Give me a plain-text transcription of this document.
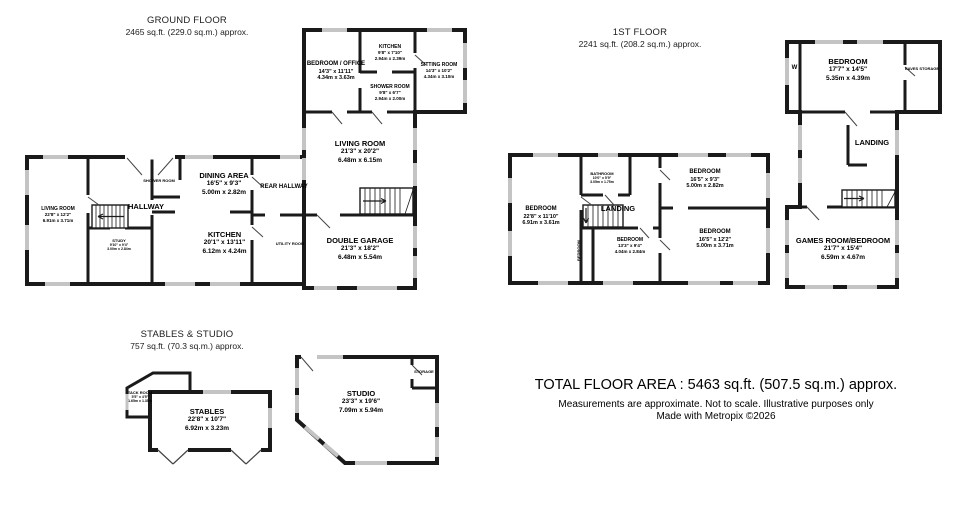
GROUND FLOOR
2465 sq.ft. (229.0 sq.m.) approx.	1ST FLOOR
2241 sq.ft. (208.2 sq.m.) approx.
STABLES & STUDIO
757 sq.ft. (70.3 sq.m.) approx.
LIVING ROOM
22'8" x 12'2"
6.91m x 3.71m
STUDY
9'10" x 9'4"
3.00m x 2.84m
HALLWAY
SHOWER ROOM
DINING AREA
16'5" x 9'3"
5.00m x 2.82m
KITCHEN
20'1" x 13'11"
6.12m x 4.24m
REAR HALLWAY
UTILITY ROOM
BEDROOM / OFFICE
14'3" x 11'11"
4.34m x 3.63m
KITCHEN
9'8" x 7'10"
2.94m x 2.39m
SHOWER ROOM
9'8" x 6'7"
2.94m x 2.00m
SITTING ROOM
14'3" x 10'2"
4.34m x 3.10m
LIVING ROOM
21'3" x 20'2"
6.48m x 6.15m
DOUBLE GARAGE
21'3" x 18'2"
6.48m x 5.54m
BEDROOM
22'8" x 11'10"
6.91m x 3.61m
BATHROOM
10'0" x 5'9"
3.05m x 1.75m
LANDING
BEDROOM
BEDROOM
13'3" x 9'4"
4.04m x 2.84m
BEDROOM
16'5" x 9'3"
5.00m x 2.82m
BEDROOM
16'5" x 12'2"
5.00m x 3.71m
BEDROOM
17'7" x 14'5"
5.35m x 4.39m
W	EAVES STORAGE
LANDING
GAMES ROOM/BEDROOM
21'7" x 15'4"
6.59m x 4.67m
TACK ROOM
5'5" x 4'5"
1.65m x 1.35m
STABLES
22'8" x 10'7"
6.92m x 3.23m
STUDIO
23'3" x 19'6"
7.09m x 5.94m
STORAGE
TOTAL FLOOR AREA : 5463 sq.ft. (507.5 sq.m.) approx.
Measurements are approximate. Not to scale. Illustrative purposes only
Made with Metropix ©2026
